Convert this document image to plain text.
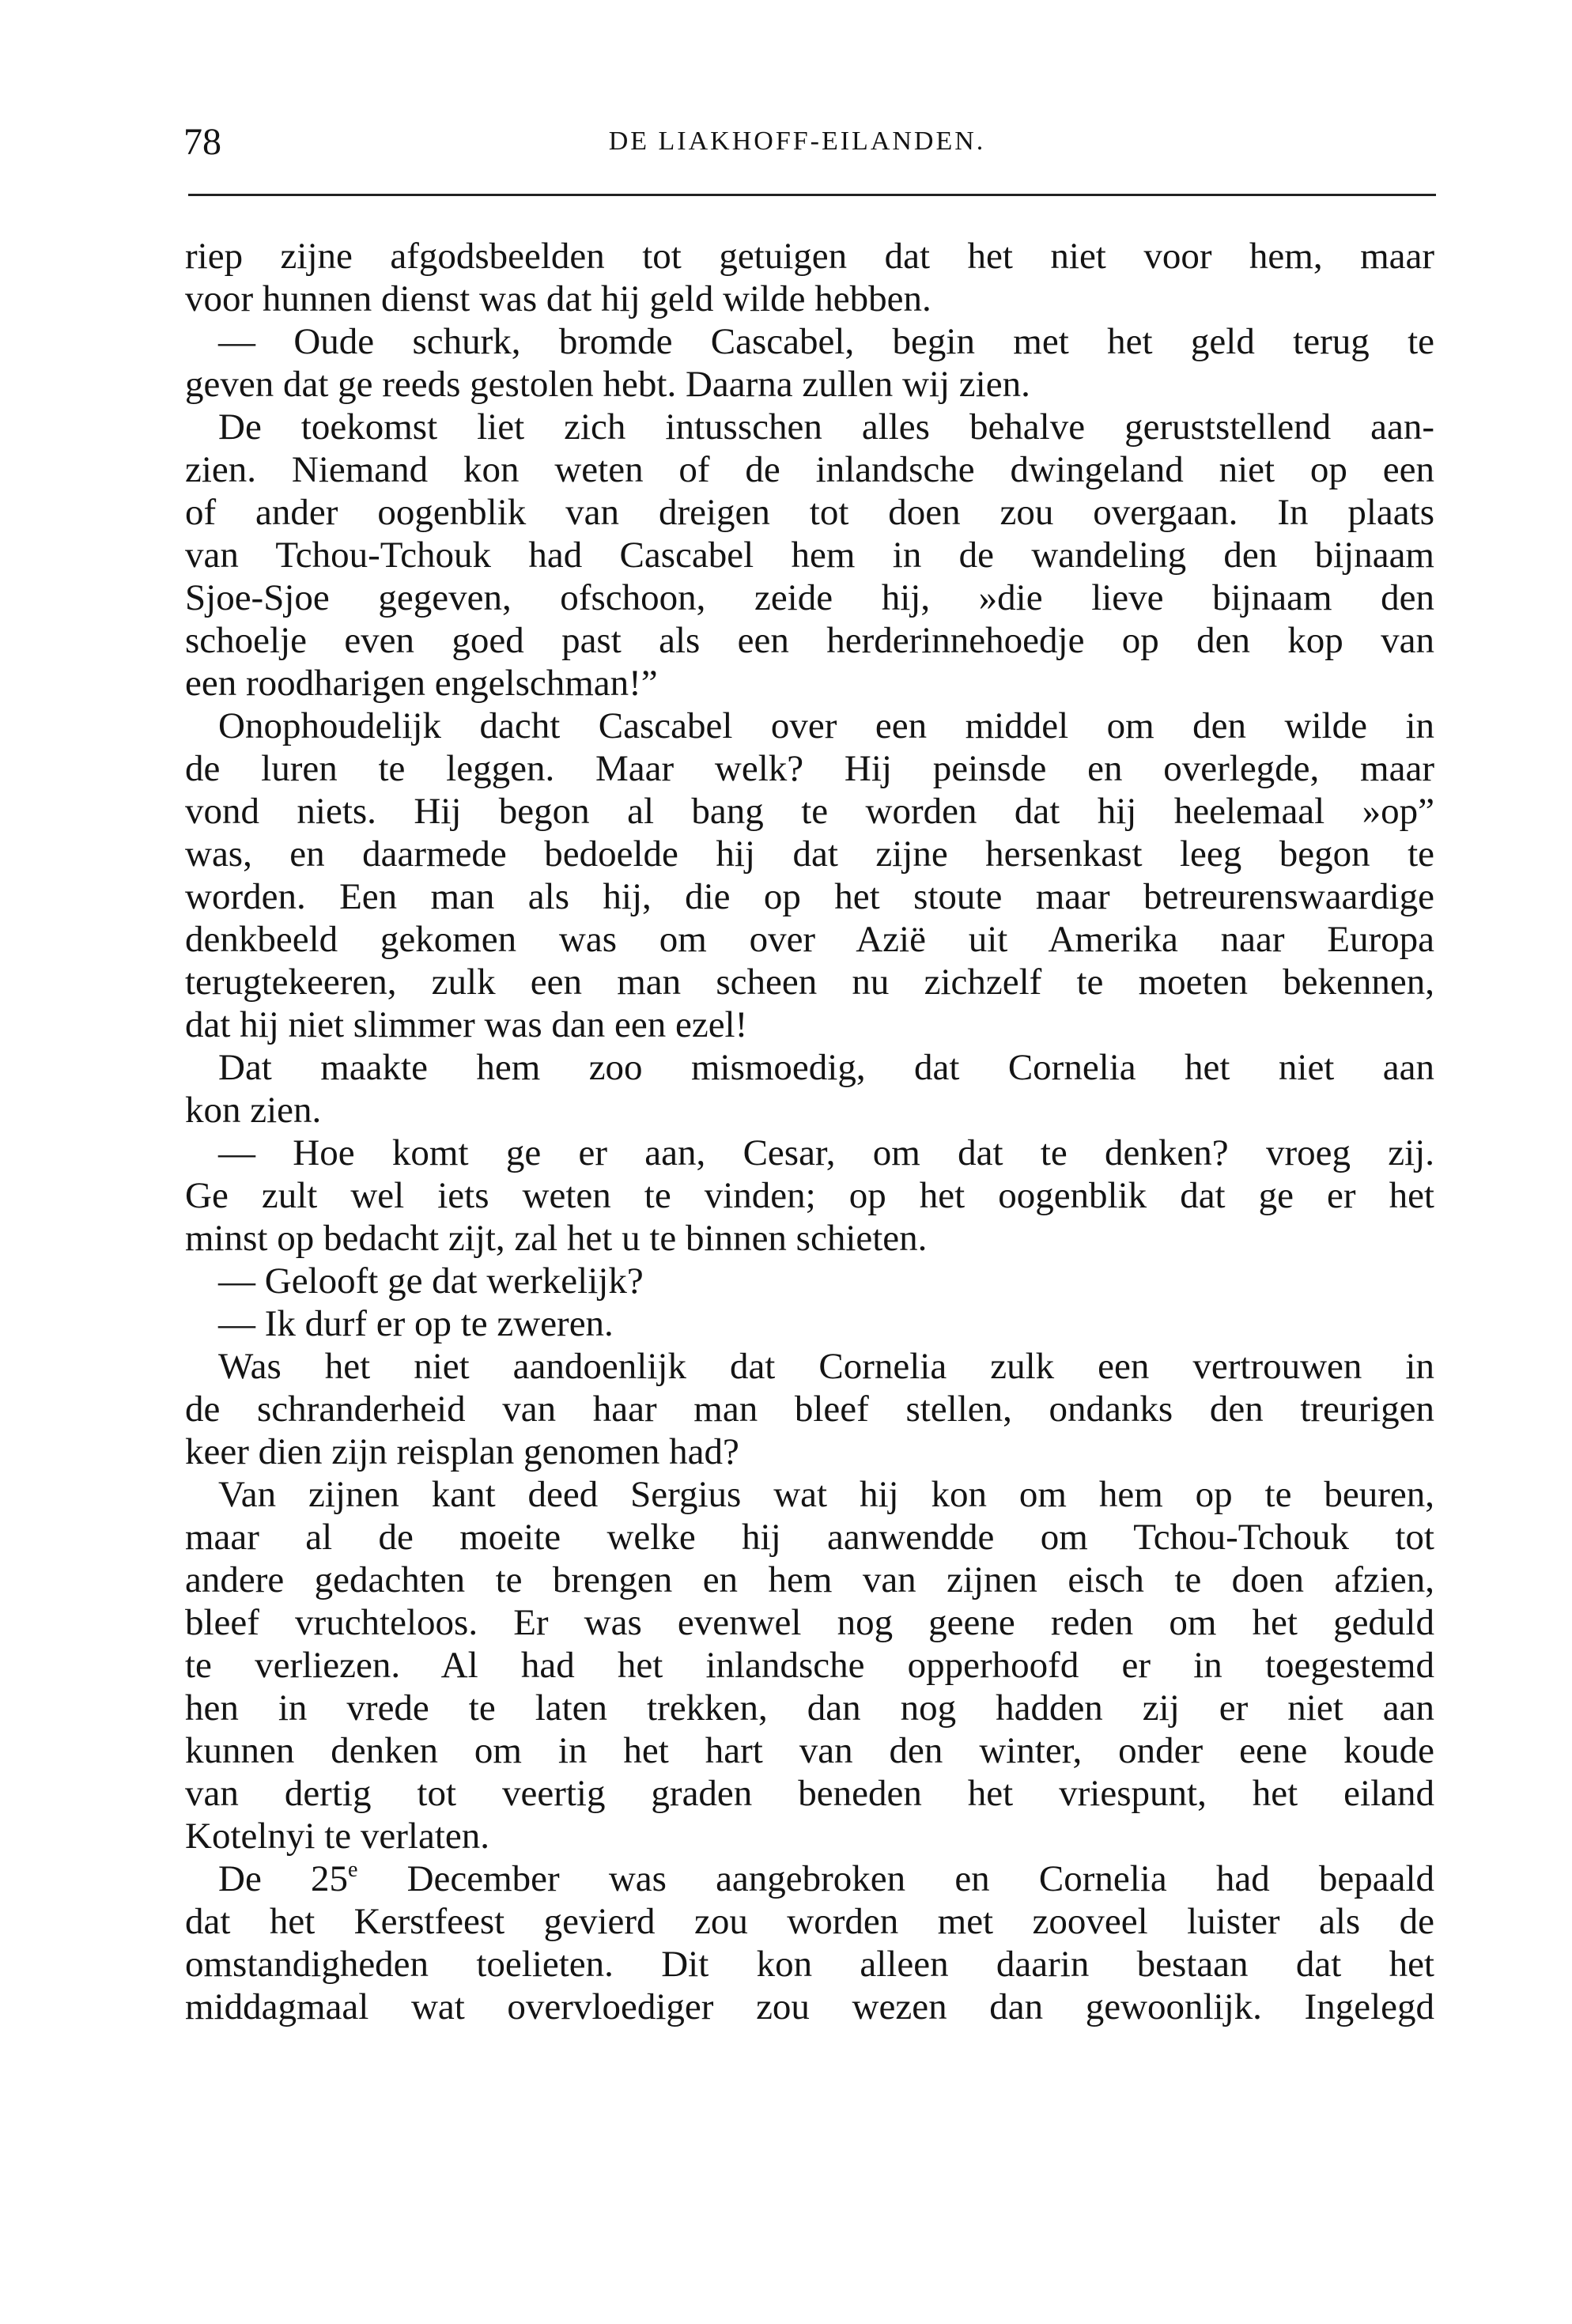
78	DE LIAKHOFF-EILANDEN.
riep zijne afgodsbeelden tot getuigen dat het niet voor hem, maar
voor hunnen dienst was dat hij geld wilde hebben.
— Oude schurk, bromde Cascabel, begin met het geld terug te
geven dat ge reeds gestolen hebt. Daarna zullen wij zien.
De toekomst liet zich intusschen alles behalve geruststellend aan-
zien. Niemand kon weten of de inlandsche dwingeland niet op een
of ander oogenblik van dreigen tot doen zou overgaan. In plaats
van Tchou-Tchouk had Cascabel hem in de wandeling den bijnaam
Sjoe-Sjoe gegeven, ofschoon, zeide hij, »die lieve bijnaam den
schoelje even goed past als een herderinnehoedje op den kop van
een roodharigen engelschman!”
Onophoudelijk dacht Cascabel over een middel om den wilde in
de luren te leggen. Maar welk? Hij peinsde en overlegde, maar
vond niets. Hij begon al bang te worden dat hij heelemaal »op”
was, en daarmede bedoelde hij dat zijne hersenkast leeg begon te
worden. Een man als hij, die op het stoute maar betreurenswaardige
denkbeeld gekomen was om over Azië uit Amerika naar Europa
terugtekeeren, zulk een man scheen nu zichzelf te moeten bekennen,
dat hij niet slimmer was dan een ezel!
Dat maakte hem zoo mismoedig, dat Cornelia het niet aan
kon zien.
— Hoe komt ge er aan, Cesar, om dat te denken? vroeg zij.
Ge zult wel iets weten te vinden; op het oogenblik dat ge er het
minst op bedacht zijt, zal het u te binnen schieten.
— Gelooft ge dat werkelijk?
— Ik durf er op te zweren.
Was het niet aandoenlijk dat Cornelia zulk een vertrouwen in
de schranderheid van haar man bleef stellen, ondanks den treurigen
keer dien zijn reisplan genomen had?
Van zijnen kant deed Sergius wat hij kon om hem op te beuren,
maar al de moeite welke hij aanwendde om Tchou-Tchouk tot
andere gedachten te brengen en hem van zijnen eisch te doen afzien,
bleef vruchteloos. Er was evenwel nog geene reden om het geduld
te verliezen. Al had het inlandsche opperhoofd er in toegestemd
hen in vrede te laten trekken, dan nog hadden zij er niet aan
kunnen denken om in het hart van den winter, onder eene koude
van dertig tot veertig graden beneden het vriespunt, het eiland
Kotelnyi te verlaten.
De 25e December was aangebroken en Cornelia had bepaald
dat het Kerstfeest gevierd zou worden met zooveel luister als de
omstandigheden toelieten. Dit kon alleen daarin bestaan dat het
middagmaal wat overvloediger zou wezen dan gewoonlijk. Ingelegd
